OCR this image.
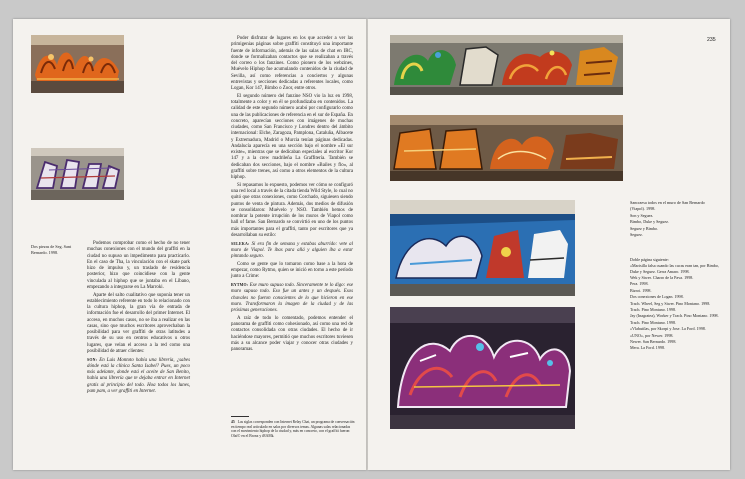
Dos piezas de Seg. Sant Bernardo. 1998.

Podemos comprobar como el hecho de no tener muchas conexiones con el mundo del graffiti en la ciudad no supuso un impedimento para practicarlo. En el caso de Tha, la vinculación con el skate park hizo de impulso y, un traslado de residencia posterior, hizo que coincidiese con la gente vinculada al hiphop que se juntaba en el Líbano, empezando a integrarse en La Marroki.

Aparte del salto cualitativo que suponía tener un establecimiento referente en todo lo relacionado con la cultura hiphop, la gran vía de entrada de información fue el desarrollo del primer Internet. El acceso, en muchos casos, no se iba a realizar en las casas, sino que muchos escritores aprovechaban la posibilidad para ver graffiti de otras latitudes a través de su uso en centros educativos u otros lugares, que velan el acceso a la red como una posibilidad de atraer clientes:

SON: En Luis Montoto había una librería, ¿sabes dónde está la clínica Santa Isabel? Pues, un poco más adelante, donde está el aceite de San Benito, había una librería que te dejaba entrar en Internet gratis al principio del todo. Hoa todos los lunes, pam pam, a ver graffiti en Internet.

Poder disfrutar de lugares en los que acceder a ver las primigenias páginas sobre graffiti constituyó una importante fuente de información, además de las salas de chat en IRC, donde se formalizaban contactos que se realizaban a través del correo o los fanzines. Como pionero de los webzines, Muévelo Hiphop fue acumulando contenidos de la ciudad de Sevilla, así como referencias a conciertos y algunas entrevistas y secciones dedicadas a referentes locales, como Logan, Kor 147, Bimbo o Zoor, entre otros.

El segundo número del fanzine NSO vio la luz en 1998, totalmente a color y en él se profundizaba en contenidos. La calidad de este segundo número acabó por configurarlo como una de las publicaciones de referencia en el sur de España. En concreto, aparecían secciones con imágenes de muchas ciudades, como San Francisco y Londres dentro del ámbito internacional: Elche, Zaragoza, Pamplona, Cataluña, Albacete y Extremadura, Madrid o Murcia tenían páginas dedicadas. Andalucía aparecía en una sección bajo el nombre «El sur existe», mientras que se dedicaban especiales al escritor Kor 147 y a la crew madrileña La Graffitería. También se dedicaban dos secciones, bajo el nombre «Bailes y flo», al graffiti sobre trenes, así como a otros elementos de la cultura hiphop.

Si repasamos lo expuesto, podemos ver cómo se configuró una red local a través de la citada tienda Wild Style, lo cual no quitó que otras conexiones, como Corchado, siguiesen siendo puntos de venta de pintura. Además, dos medios de difusión se consolidaron: Muévelo y NSO. También hemos de nombrar la potente irrupción de los muros de Viapol como hall of fame. San Bernardo se convirtió en uno de los puntos más importantes para el graffiti, tanto por escritores que ya desarrollaban su estilo:

SELEKA: Si era fin de semana y estabas aburrido: vete al muro de Viapol. Te ibas para allá y alguien iba a estar pintando seguro.

Como se gente que lo tomaron como base a la hora de empezar, como Rytmo, quien se inició en torno a este período junto a Crime:

RYTMO: Ese muro supuso todo. Sinceramente te lo digo: ese muro supuso todo. Eso fue un antes y un después. Esos chavales no fueron conscientes de lo que hicieron en ese muro. Transformaron la imagen de la ciudad y de las próximas generaciones.

A raíz de todo lo comentado, podemos entender el panorama de graffiti como cohesionado, así como una red de contactos consolidada con otras ciudades. El hecho de ir haciéndose mayores, permitió que muchos escritores tuviesen más a su alcance poder viajar y conocer otras ciudades y panoramas.

45 Las siglas corresponden con Internet Relay Chat, un programa de conversación en tiempo real articulado en salas por diversos temas. Algunas salas relacionadas con el movimiento hiphop de la ciudad y, más en concreto, con el graffiti fueron: Olaf© en el Bronx y iRAMk.
235
Sancraesa todos en el muro de San Bernardo (Viapol). 1998.
Son y Seguez.
Bimbo, Duke y Seguez.
Seguez y Bimbo.
Seguez.
Doble página siguiente:
«Marisilla falsa cuando las cucas eran tan, por Bimbo, Duke y Seguez. Gerra Amaro. 1998.
Wek y Siwer. Charro de la Pava. 1998.
Pera. 1998.
Bizroi. 1998.
Dos conexiones de Logan. 1998.
Trach. Wheel, Seg y Siwer. Pino Montano. 1998.
Trach. Pino Montano. 1998.
Jay (Inagratea), Worker y Trach. Pino Montano. 1998.
Trach. Pino Montano. 1998.
«Vlabutilas, por Skorpi y Jose. La Ford. 1998.
«UNO», por Newer. 1998.
Newer. San Bernardo. 1998.
Mera. La Ford. 1998.
